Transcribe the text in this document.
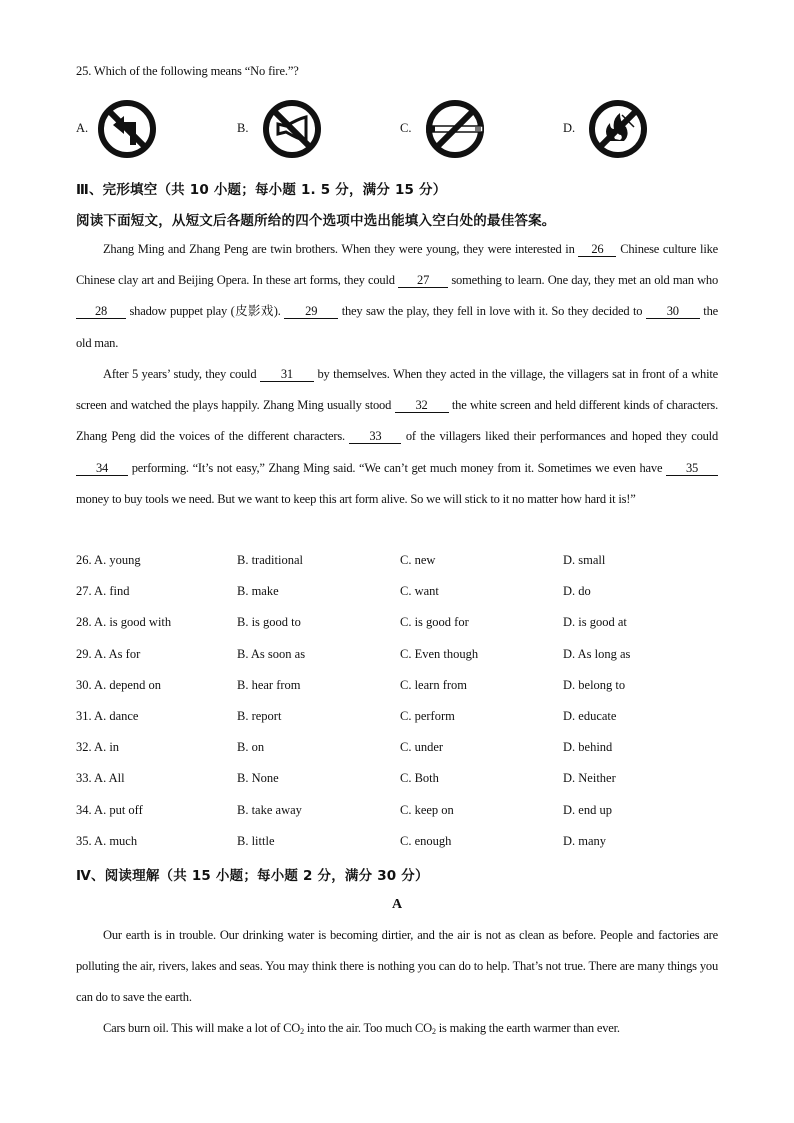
25. Which of the following means “No fire.”?
A.	B.	C.	D.
Ⅲ、完形填空（共 10 小题；每小题 1. 5 分，满分 15 分）
阅读下面短文，从短文后各题所给的四个选项中选出能填入空白处的最佳答案。
Zhang Ming and Zhang Peng are twin brothers. When they were young, they were interested in 26 Chinese culture like Chinese clay art and Beijing Opera. In these art forms, they could 27 something to learn. One day, they met an old man who 28 shadow puppet play (皮影戏). 29 they saw the play, they fell in love with it. So they decided to 30 the old man.
After 5 years’ study, they could 31 by themselves. When they acted in the village, the villagers sat in front of a white screen and watched the plays happily. Zhang Ming usually stood 32 the white screen and held different kinds of characters. Zhang Peng did the voices of the different characters. 33 of the villagers liked their performances and hoped they could 34 performing. “It’s not easy,” Zhang Ming said. “We can’t get much money from it. Sometimes we even have 35 money to buy tools we need. But we want to keep this art form alive. So we will stick to it no matter how hard it is!”
26. A. young	B. traditional	C. new	D. small
27. A. find	B. make	C. want	D. do
28. A. is good with	B. is good to	C. is good for	D. is good at
29. A. As for	B. As soon as	C. Even though	D. As long as
30. A. depend on	B. hear from	C. learn from	D. belong to
31. A. dance	B. report	C. perform	D. educate
32. A. in	B. on	C. under	D. behind
33. A. All	B. None	C. Both	D. Neither
34. A. put off	B. take away	C. keep on	D. end up
35. A. much	B. little	C. enough	D. many
Ⅳ、阅读理解（共 15 小题；每小题 2 分，满分 30 分）
A
Our earth is in trouble. Our drinking water is becoming dirtier, and the air is not as clean as before. People and factories are polluting the air, rivers, lakes and seas. You may think there is nothing you can do to help. That’s not true. There are many things you can do to save the earth.
Cars burn oil. This will make a lot of $CO_2$ into the air. Too much $CO_2$ is making the earth warmer than ever.
